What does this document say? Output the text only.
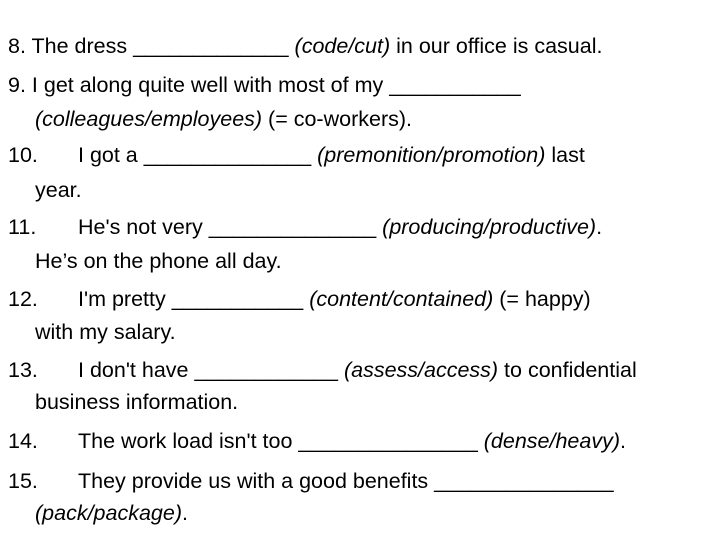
8. The dress _____________ (code/cut) in our office is casual.
9. I get along quite well with most of my ___________
(colleagues/employees) (= co-workers).
10. I got a ______________ (premonition/promotion) last
year.
11. He's not very ______________ (producing/productive).
He’s on the phone all day.
12. I'm pretty ___________ (content/contained) (= happy)
with my salary.
13. I don't have ____________ (assess/access) to confidential
business information.
14. The work load isn't too _______________ (dense/heavy).
15. They provide us with a good benefits _______________
(pack/package).
